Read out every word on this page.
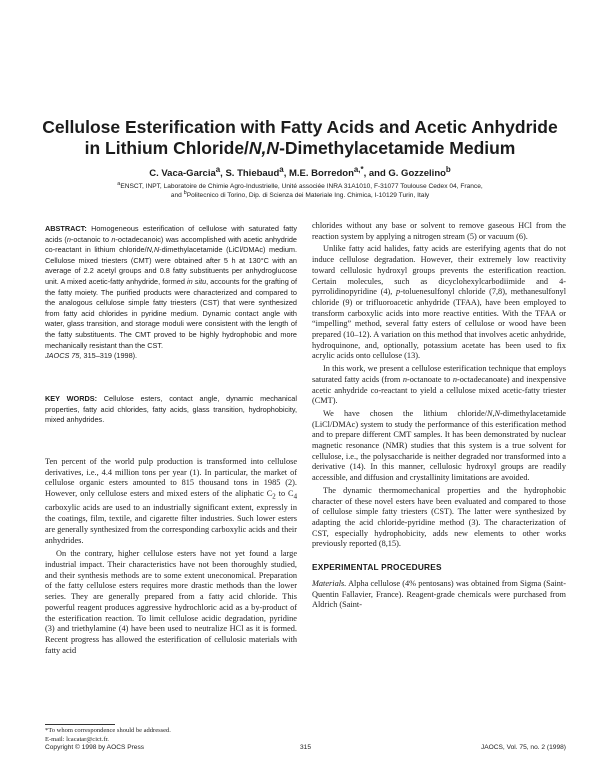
Cellulose Esterification with Fatty Acids and Acetic Anhydride
in Lithium Chloride/N,N-Dimethylacetamide Medium
C. Vaca-Garcia$^a$, S. Thiebaud$^a$, M.E. Borredon$^{a,*}$, and G. Gozzelino$^b$
$^a$ENSCT, INPT, Laboratoire de Chimie Agro-Industrielle, Unité associée INRA 31A1010, F-31077 Toulouse Cedex 04, France,
and $^b$Politecnico di Torino, Dip. di Scienza dei Materiale Ing. Chimica, I-10129 Turin, Italy

ABSTRACT: Homogeneous esterification of cellulose with saturated fatty acids (n-octanoic to n-octadecanoic) was accomplished with acetic anhydride co-reactant in lithium chloride/N,N-dimethylacetamide (LiCl/DMAc) medium. Cellulose mixed triesters (CMT) were obtained after 5 h at 130°C with an average of 2.2 acetyl groups and 0.8 fatty substituents per anhydroglucose unit. A mixed acetic-fatty anhydride, formed in situ, accounts for the grafting of the fatty moiety. The purified products were characterized and compared to the analogous cellulose simple fatty triesters (CST) that were synthesized from fatty acid chlorides in pyridine medium. Dynamic contact angle with water, glass transition, and storage moduli were consistent with the length of the fatty substituents. The CMT proved to be highly hydrophobic and more mechanically resistant than the CST.
JAOCS 75, 315–319 (1998).

KEY WORDS: Cellulose esters, contact angle, dynamic mechanical properties, fatty acid chlorides, fatty acids, glass transition, hydrophobicity, mixed anhydrides.

Ten percent of the world pulp production is transformed into cellulose derivatives, i.e., 4.4 million tons per year (1). In particular, the market of cellulose organic esters amounted to 815 thousand tons in 1985 (2). However, only cellulose esters and mixed esters of the aliphatic $C_2$ to $C_4$ carboxylic acids are used to an industrially significant extent, expressly in the coatings, film, textile, and cigarette filter industries. Such lower esters are generally synthesized from the corresponding carboxylic acids and their anhydrides.

On the contrary, higher cellulose esters have not yet found a large industrial impact. Their characteristics have not been thoroughly studied, and their synthesis methods are to some extent uneconomical. Preparation of the fatty cellulose esters requires more drastic methods than the lower series. They are generally prepared from a fatty acid chloride. This powerful reagent produces aggressive hydrochloric acid as a by-product of the esterification reaction. To limit cellulose acidic degradation, pyridine (3) and triethylamine (4) have been used to neutralize HCl as it is formed. Recent progress has allowed the esterification of cellulosic materials with fatty acid

*To whom correspondence should be addressed.
E-mail: lcacatar@cict.fr.

chlorides without any base or solvent to remove gaseous HCl from the reaction system by applying a nitrogen stream (5) or vacuum (6).

Unlike fatty acid halides, fatty acids are esterifying agents that do not induce cellulose degradation. However, their extremely low reactivity toward cellulosic hydroxyl groups prevents the esterification reaction. Certain molecules, such as dicyclohexylcarbodiimide and 4-pyrrolidinopyridine (4), p-toluenesulfonyl chloride (7,8), methanesulfonyl chloride (9) or trifluoroacetic anhydride (TFAA), have been employed to transform carboxylic acids into more reactive entities. With the TFAA or “impelling” method, several fatty esters of cellulose or wood have been prepared (10–12). A variation on this method that involves acetic anhydride, hydroquinone, and, optionally, potassium acetate has been used to fix acrylic acids onto cellulose (13).

In this work, we present a cellulose esterification technique that employs saturated fatty acids (from n-octanoate to n-octadecanoate) and inexpensive acetic anhydride co-reactant to yield a cellulose mixed acetic-fatty triester (CMT).

We have chosen the lithium chloride/N,N-dimethylacetamide (LiCl/DMAc) system to study the performance of this esterification method and to prepare different CMT samples. It has been demonstrated by nuclear magnetic resonance (NMR) studies that this system is a true solvent for cellulose, i.e., the polysaccharide is neither degraded nor transformed into a derivative (14). In this manner, cellulosic hydroxyl groups are readily accessible, and diffusion and crystallinity limitations are avoided.

The dynamic thermomechanical properties and the hydrophobic character of these novel esters have been evaluated and compared to those of cellulose simple fatty triesters (CST). The latter were synthesized by adapting the acid chloride-pyridine method (3). The characterization of CST, especially hydrophobicity, adds new elements to other works previously reported (8,15).

EXPERIMENTAL PROCEDURES

Materials. Alpha cellulose (4% pentosans) was obtained from Sigma (Saint-Quentin Fallavier, France). Reagent-grade chemicals were purchased from Aldrich (Saint-

Copyright © 1998 by AOCS Press	315	JAOCS, Vol. 75, no. 2 (1998)
